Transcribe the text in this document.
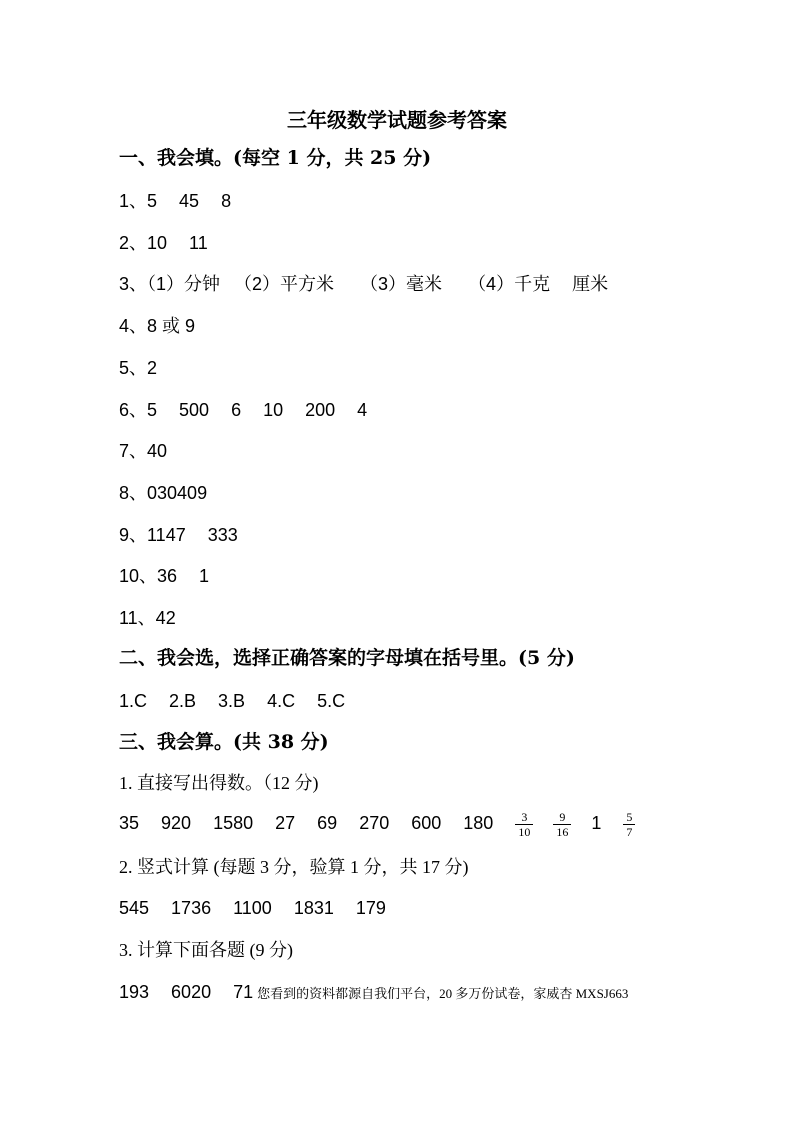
三年级数学试题参考答案
一、我会填。(每空 1 分，共 25 分)
1、5 45 8
2、10 11
3、（1）分钟 （2）平方米 （3）毫米 （4）千克 厘米
4、8 或 9
5、2
6、5 500 6 10 200 4
7、40
8、030409
9、1147 333
10、36 1
11、42
二、我会选，选择正确答案的字母填在括号里。(5 分)
1.C 2.B 3.B 4.C 5.C
三、我会算。(共 38 分)
1. 直接写出得数。（12 分)
35 920 1580 27 69 270 600 $180 \frac{3}{10} \frac{9}{16} 1 \frac{5}{7}$
2. 竖式计算 (每题 3 分，验算 1 分，共 17 分)
545 1736 1100 1831 179
3. 计算下面各题 (9 分)
193 6020 71 您看到的资料都源自我们平台，20 多万份试卷，家威杏 MXSJ663
